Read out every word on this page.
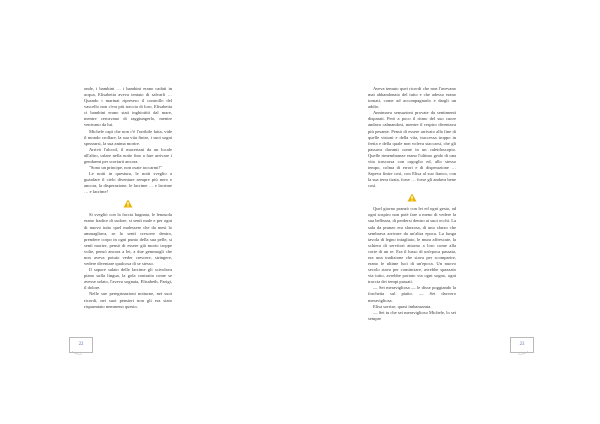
onde, i bambini … i bambini erano caduti in acqua, Elisabetta aveva tentato di salvarli … Quando i marinai ripresero il controllo del vascello non c'era più traccia di loro, Elisabetta ci bambini erano stati inghiottiti dal mare, mentre cercavano di raggiungerlo, mentre venivano da lui.

Michele capì che non c'è l'orribile fatta, vide il mondo crollare, la sua vita finire, i suoi sogni spezzarsi, la sua anima morire.

Arrivò l'alcool, il maceriani da un locale all'altro, urlare nella notte fino a fare arrivare i gendarmi per scortarti ancora.

"Sono un principe, non osate toccarmi!"

Le notti in questura, le notti sveglio a guardare il cielo diventare sempre più nero e ancora, la disperazione, le lacrime … e lacrime … e lacrime!

Si svegliò con la faccia bagnata, le lenzuola erano fradice di sudore, si sentì male e per ogni di nuovo tutto quel malessere che da mesi lo ammagliava, se lo sentì crescere dentro, prendere corpo in ogni punto della sua pelle, si sentì morire, pensò di essere già morto troppe volte, pensò ancora a lei, a due gemmogli che non aveva potuto veder crescere, stringere, vedere diventare qualcosa di se stesso.

Il sapore salato delle lacrime gli scivolava piano sulla lingua, la gola contratta come se avesse urlato, l'aveva sognata, Elisabeth, Parigi, il dolore.

Nelle sue peregrinazioni notturne, nei suoi ricordi, nei suoi pensieri non gli era stato risparmiato nemmeno questo.

22

Aveva temuto quei ricordi che non l'avevano mai abbandonato del tutto e che adesso erano tornati, come ad accompagnarlo e dargli un addio.

Annimava sensazioni provate da sentimenti disparati. Però a poco il ritmo del suo cuore andava calmandosi, mentre il respiro diventava più pesante. Pensò di essere arrivato alla fine di quelle visioni e della vita, traccessa troppo in fretta e della quale non voleva staccarsi, che gli passava davanti come in un caleidoscopio. Quelle rimembranze erano l'ultimo grido di una vita trascorsa con orgoglio ed, allo stesso tempo, colma di errori e di disperazione … Sapeva finire così, con Elisa al suo fianco, con la sua terra tirata, forse … forse gli andava bene così.

Quel giorno pranzò con lei ed ogni gesto, ad ogni sospiro non potè fare a meno di vedere la sua bellezza, di perdersi dentro ai suoi occhi. La sala da pranzo era sfarzosa, di uno sfarzo che sembrava arrivare da un'altra epoca. La lunga tavola di legno intagliato, le mura affrescate, la schiera di servitori attorno a loro come alla corte di un re. Era il lusso di un'epoca passata, era una tradizione che stava per scomparire, erano le ultime luci di un'epoca. Un nuovo secolo stava per cominciare, avrebbe spazzato via tutto, avrebbe portato via ogni sogno, ogni traccia dei tempi passati.

— Sei meravigliosa — le disse poggiando la forchetta sul piatto. — Sei davvero meravigliosa.

Elisa sorrise, quasi imbarazzata.

— Sei tu che sei meraviglioso Michele, lo sei sempre

23
